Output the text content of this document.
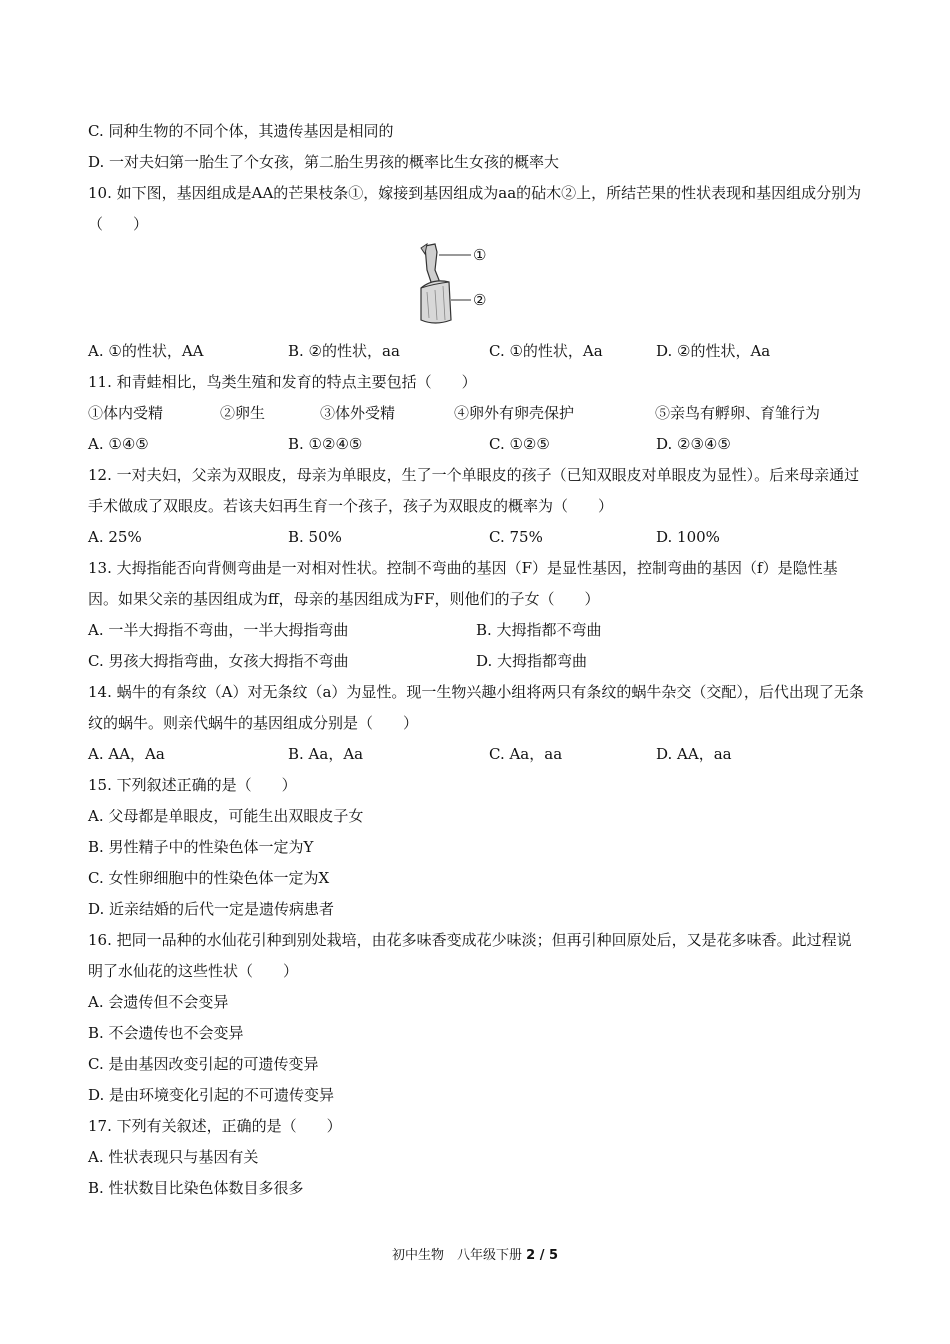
C. 同种生物的不同个体，其遗传基因是相同的
D. 一对夫妇第一胎生了个女孩，第二胎生男孩的概率比生女孩的概率大
10. 如下图，基因组成是AA的芒果枝条①，嫁接到基因组成为aa的砧木②上，所结芒果的性状表现和基因组成分别为（　　）
①
②
A. ①的性状，AA	B. ②的性状，aa	C. ①的性状，Aa	D. ②的性状，Aa
11. 和青蛙相比，鸟类生殖和发育的特点主要包括（　　）
①体内受精	②卵生	③体外受精	④卵外有卵壳保护	⑤亲鸟有孵卵、育雏行为
A. ①④⑤	B. ①②④⑤	C. ①②⑤	D. ②③④⑤
12. 一对夫妇，父亲为双眼皮，母亲为单眼皮，生了一个单眼皮的孩子（已知双眼皮对单眼皮为显性）。后来母亲通过手术做成了双眼皮。若该夫妇再生育一个孩子，孩子为双眼皮的概率为（　　）
A. 25%	B. 50%	C. 75%	D. 100%
13. 大拇指能否向背侧弯曲是一对相对性状。控制不弯曲的基因（F）是显性基因，控制弯曲的基因（f）是隐性基因。如果父亲的基因组成为ff，母亲的基因组成为FF，则他们的子女（　　）
A. 一半大拇指不弯曲，一半大拇指弯曲	B. 大拇指都不弯曲
C. 男孩大拇指弯曲，女孩大拇指不弯曲	D. 大拇指都弯曲
14. 蜗牛的有条纹（A）对无条纹（a）为显性。现一生物兴趣小组将两只有条纹的蜗牛杂交（交配），后代出现了无条纹的蜗牛。则亲代蜗牛的基因组成分别是（　　）
A. AA，Aa	B. Aa，Aa	C. Aa，aa	D. AA，aa
15. 下列叙述正确的是（　　）
A. 父母都是单眼皮，可能生出双眼皮子女
B. 男性精子中的性染色体一定为Y
C. 女性卵细胞中的性染色体一定为X
D. 近亲结婚的后代一定是遗传病患者
16. 把同一品种的水仙花引种到别处栽培，由花多味香变成花少味淡；但再引种回原处后，又是花多味香。此过程说明了水仙花的这些性状（　　）
A. 会遗传但不会变异
B. 不会遗传也不会变异
C. 是由基因改变引起的可遗传变异
D. 是由环境变化引起的不可遗传变异
17. 下列有关叙述，正确的是（　　）
A. 性状表现只与基因有关
B. 性状数目比染色体数目多很多
初中生物　八年级下册 2 / 5
